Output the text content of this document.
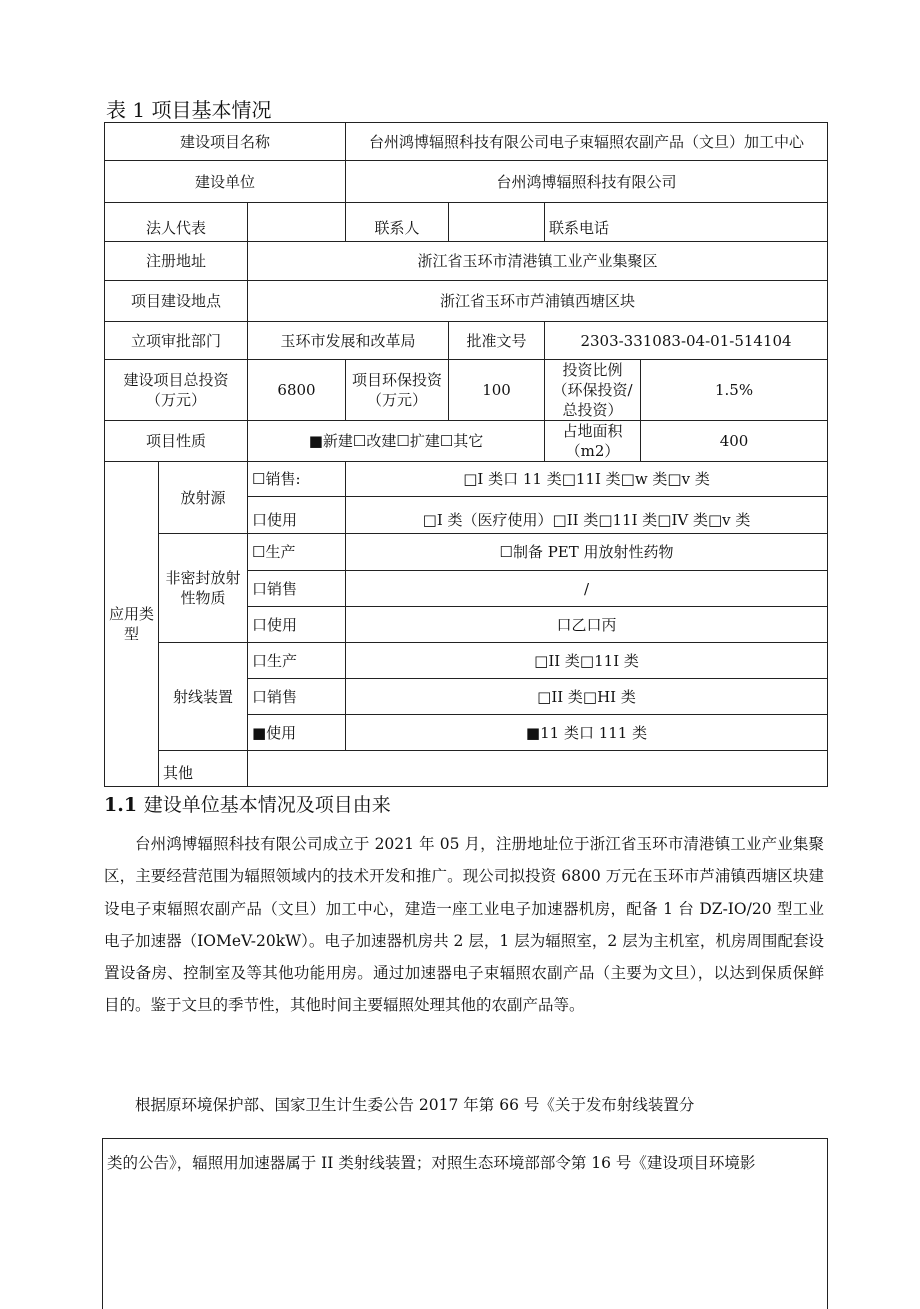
表 1 项目基本情况
建设项目名称			台州鸿博辐照科技有限公司电子束辐照农副产品（文旦）加工中心			
建设单位			台州鸿博辐照科技有限公司			
法人代表			联系人		联系电话	
注册地址		浙江省玉环市清港镇工业产业集聚区				
项目建设地点		浙江省玉环市芦浦镇西塘区块				
立项审批部门		玉环市发展和改革局		批准文号	2303-331083-04-01-514104	
建设项目总投资（万元）		6800	项目环保投资（万元）	100	投资比例（环保投资/总投资）	1.5%
项目性质		■新建☐改建☐扩建☐其它			占地面积（m2）	400
应用类型	放射源	☐销售:	□I 类口 11 类□11I 类□w 类□v 类			
		口使用	□I 类（医疗使用）□II 类□11I 类□IV 类□v 类			
	非密封放射性物质	☐生产	☐制备 PET 用放射性药物			
		口销售	/			
		口使用	口乙口丙			
	射线装置	口生产	□II 类□11I 类			
		口销售	□II 类□HI 类			
		■使用	■11 类口 111 类			
	其他					
1.1 建设单位基本情况及项目由来

台州鸿博辐照科技有限公司成立于 2021 年 05 月，注册地址位于浙江省玉环市清港镇工业产业集聚区，主要经营范围为辐照领域内的技术开发和推广。现公司拟投资 6800 万元在玉环市芦浦镇西塘区块建设电子束辐照农副产品（文旦）加工中心，建造一座工业电子加速器机房，配备 1 台 DZ-IO/20 型工业电子加速器（IOMeV-20kW）。电子加速器机房共 2 层，1 层为辐照室，2 层为主机室，机房周围配套设置设备房、控制室及等其他功能用房。通过加速器电子束辐照农副产品（主要为文旦），以达到保质保鲜目的。鉴于文旦的季节性，其他时间主要辐照处理其他的农副产品等。

根据原环境保护部、国家卫生计生委公告 2017 年第 66 号《关于发布射线装置分

类的公告》，辐照用加速器属于 II 类射线装置；对照生态环境部部令第 16 号《建设项目环境影
